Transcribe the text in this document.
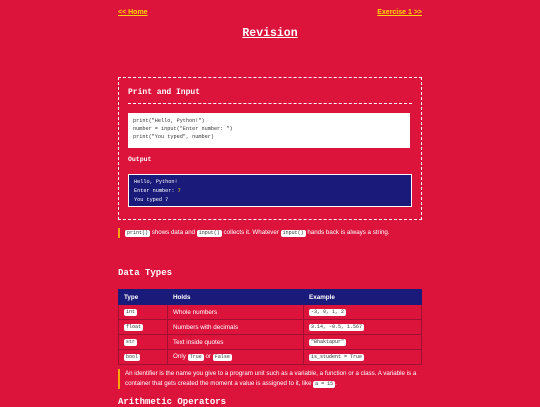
<< Home	Exercise 1 >>
Revision
Print and Input
print("Hello, Python!")
number = input("Enter number: ")
print("You typed", number)
Output
Hello, Python!
Enter number: 7
You typed 7
print() shows data and input() collects it. Whatever input() hands back is always a string.
Data Types
Type	Holds	Example
int	Whole numbers	-3, 0, 1, 2
float	Numbers with decimals	3.14, -0.5, 1.567
str	Text inside quotes	"Bhaktapur"
bool	Only True or False	is_student = True
An identifier is the name you give to a program unit such as a variable, a function or a class. A variable is a container that gets created the moment a value is assigned to it, like a = 15 .
Arithmetic Operators
